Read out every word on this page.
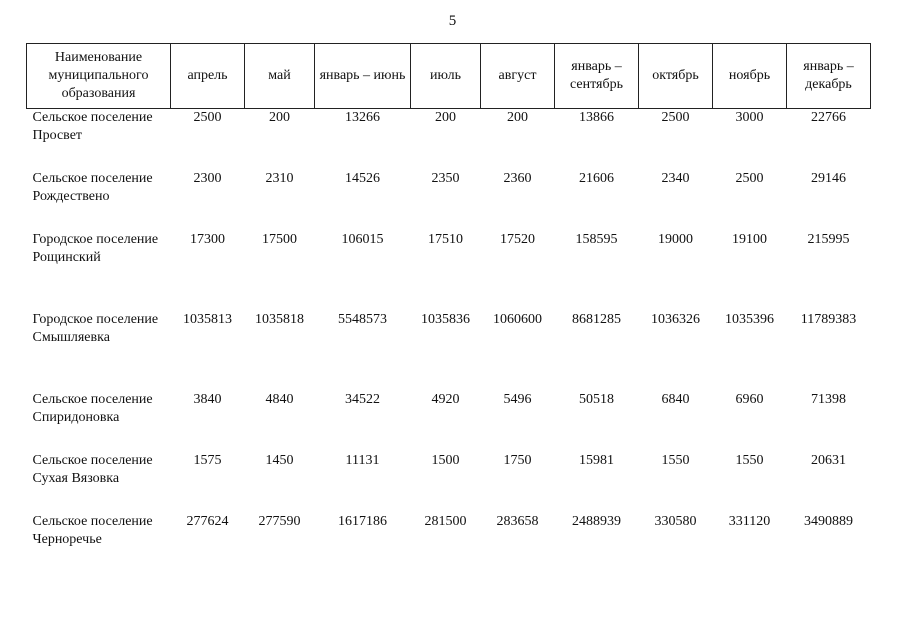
5
Наименование муниципального образования	апрель	май	январь – июнь	июль	август	январь – сентябрь	октябрь	ноябрь	январь – декабрь
Сельское поселение Просвет	2500	200	13266	200	200	13866	2500	3000	22766
Сельское поселение Рождествено	2300	2310	14526	2350	2360	21606	2340	2500	29146
Городское поселение Рощинский	17300	17500	106015	17510	17520	158595	19000	19100	215995
Городское поселение Смышляевка	1035813	1035818	5548573	1035836	1060600	8681285	1036326	1035396	11789383
Сельское поселение Спиридоновка	3840	4840	34522	4920	5496	50518	6840	6960	71398
Сельское поселение Сухая Вязовка	1575	1450	11131	1500	1750	15981	1550	1550	20631
Сельское поселение Черноречье	277624	277590	1617186	281500	283658	2488939	330580	331120	3490889
